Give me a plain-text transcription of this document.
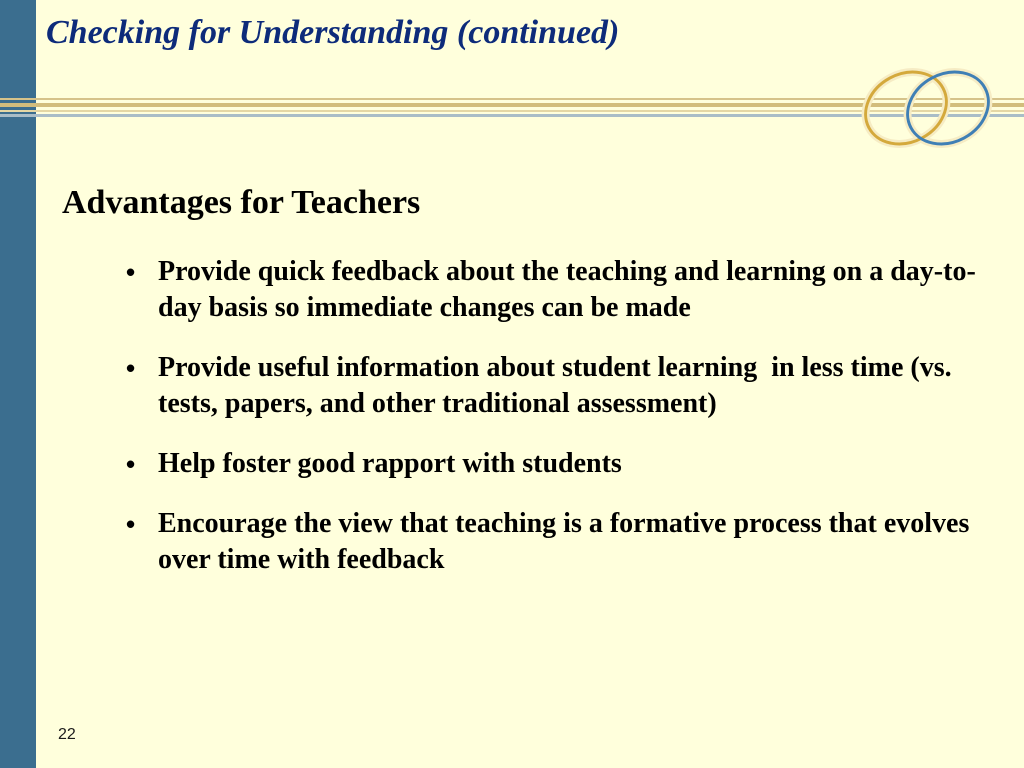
Checking for Understanding (continued)
Advantages for Teachers
• Provide quick feedback about the teaching and learning on a day-to-day basis so immediate changes can be made
• Provide useful information about student learning  in less time (vs. tests, papers, and other traditional assessment)
• Help foster good rapport with students
• Encourage the view that teaching is a formative process that evolves over time with feedback
22
